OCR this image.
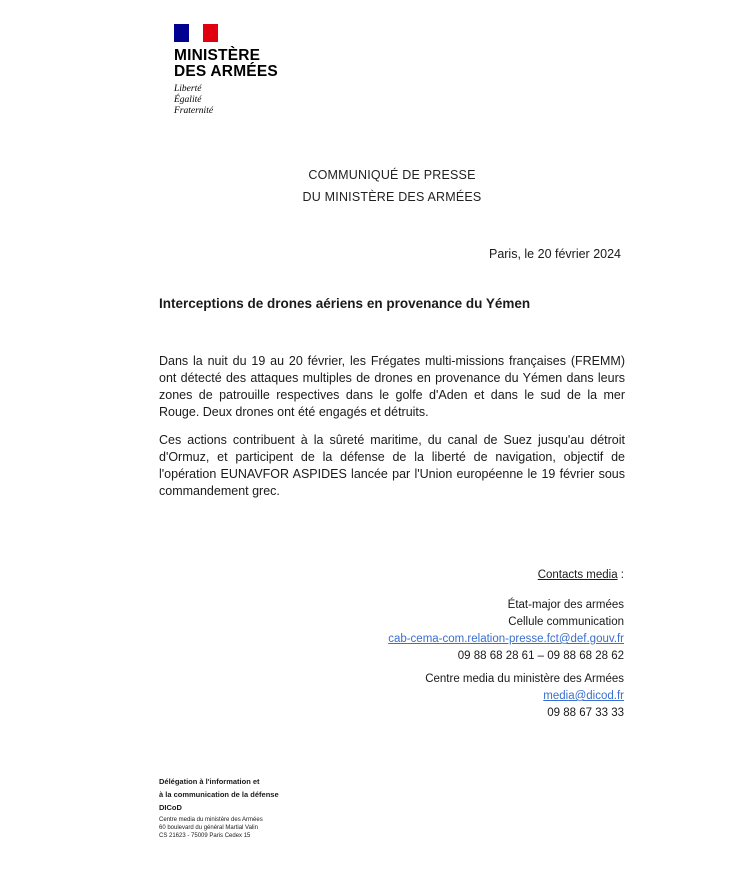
MINISTÈRE
DES ARMÉES
Liberté
Égalité
Fraternité
COMMUNIQUÉ DE PRESSE
DU MINISTÈRE DES ARMÉES
Paris, le 20 février 2024
Interceptions de drones aériens en provenance du Yémen
Dans la nuit du 19 au 20 février, les Frégates multi-missions françaises (FREMM) ont détecté des attaques multiples de drones en provenance du Yémen dans leurs zones de patrouille respectives dans le golfe d'Aden et dans le sud de la mer Rouge. Deux drones ont été engagés et détruits.
Ces actions contribuent à la sûreté maritime, du canal de Suez jusqu'au détroit d'Ormuz, et participent de la défense de la liberté de navigation, objectif de l'opération EUNAVFOR ASPIDES lancée par l'Union européenne le 19 février sous commandement grec.
Contacts media :
État-major des armées
Cellule communication
cab-cema-com.relation-presse.fct@def.gouv.fr
09 88 68 28 61 – 09 88 68 28 62
Centre media du ministère des Armées
media@dicod.fr
09 88 67 33 33
Délégation à l'information et
à la communication de la défense
DICoD
Centre media du ministère des Armées
60 boulevard du général Martial Valin
CS 21623 - 75009 Paris Cedex 15
